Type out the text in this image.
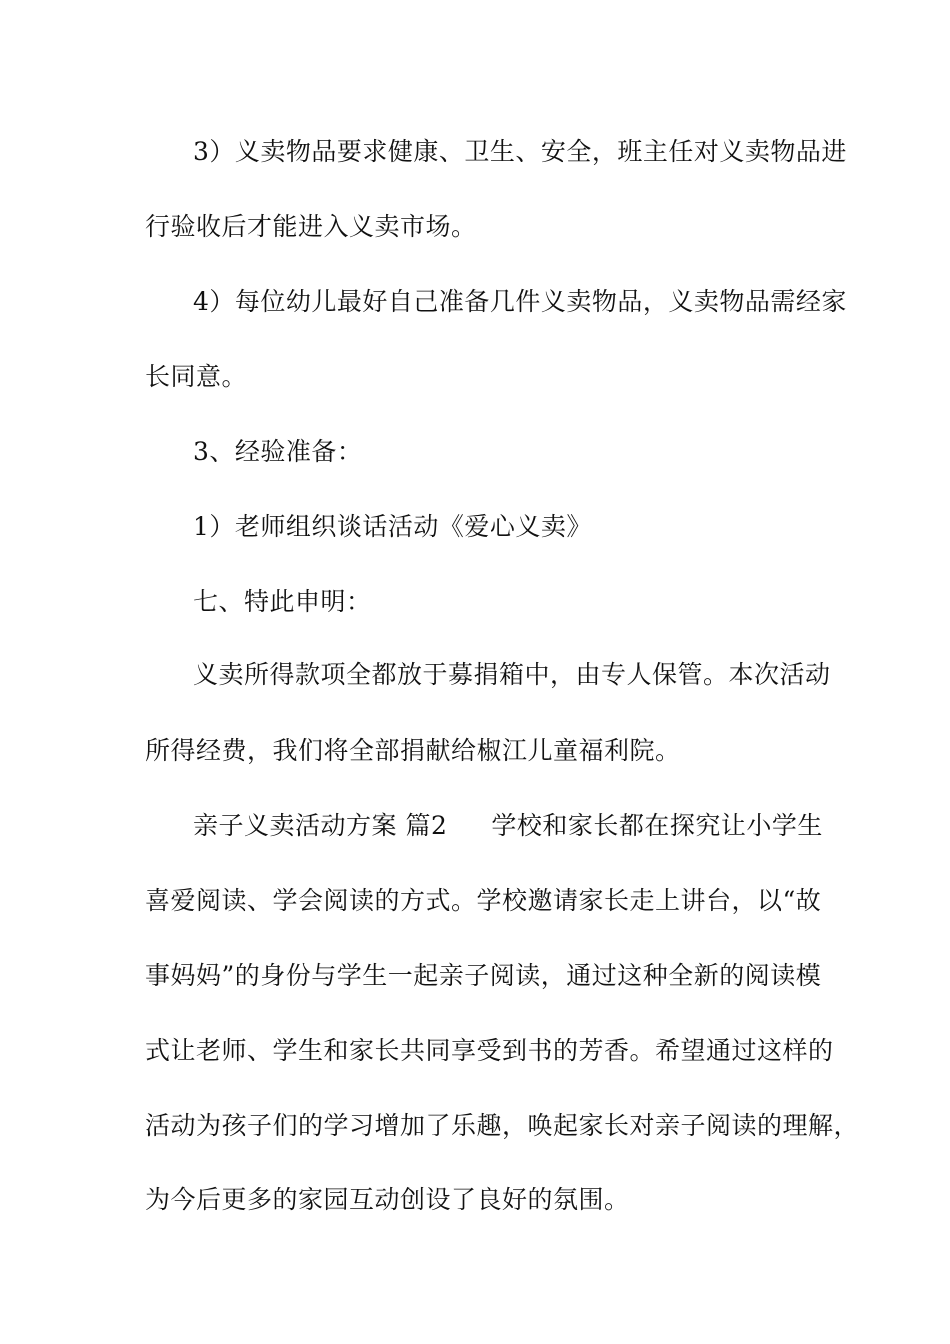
3）义卖物品要求健康、卫生、安全，班主任对义卖物品进
行验收后才能进入义卖市场。
4）每位幼儿最好自己准备几件义卖物品，义卖物品需经家
长同意。
3、经验准备：
1）老师组织谈话活动《爱心义卖》
七、特此申明：
义卖所得款项全都放于募捐箱中，由专人保管。本次活动
所得经费，我们将全部捐献给椒江儿童福利院。
亲子义卖活动方案 篇2 学校和家长都在探究让小学生
喜爱阅读、学会阅读的方式。学校邀请家长走上讲台，以“故
事妈妈”的身份与学生一起亲子阅读，通过这种全新的阅读模
式让老师、学生和家长共同享受到书的芳香。希望通过这样的
活动为孩子们的学习增加了乐趣，唤起家长对亲子阅读的理解，
为今后更多的家园互动创设了良好的氛围。
